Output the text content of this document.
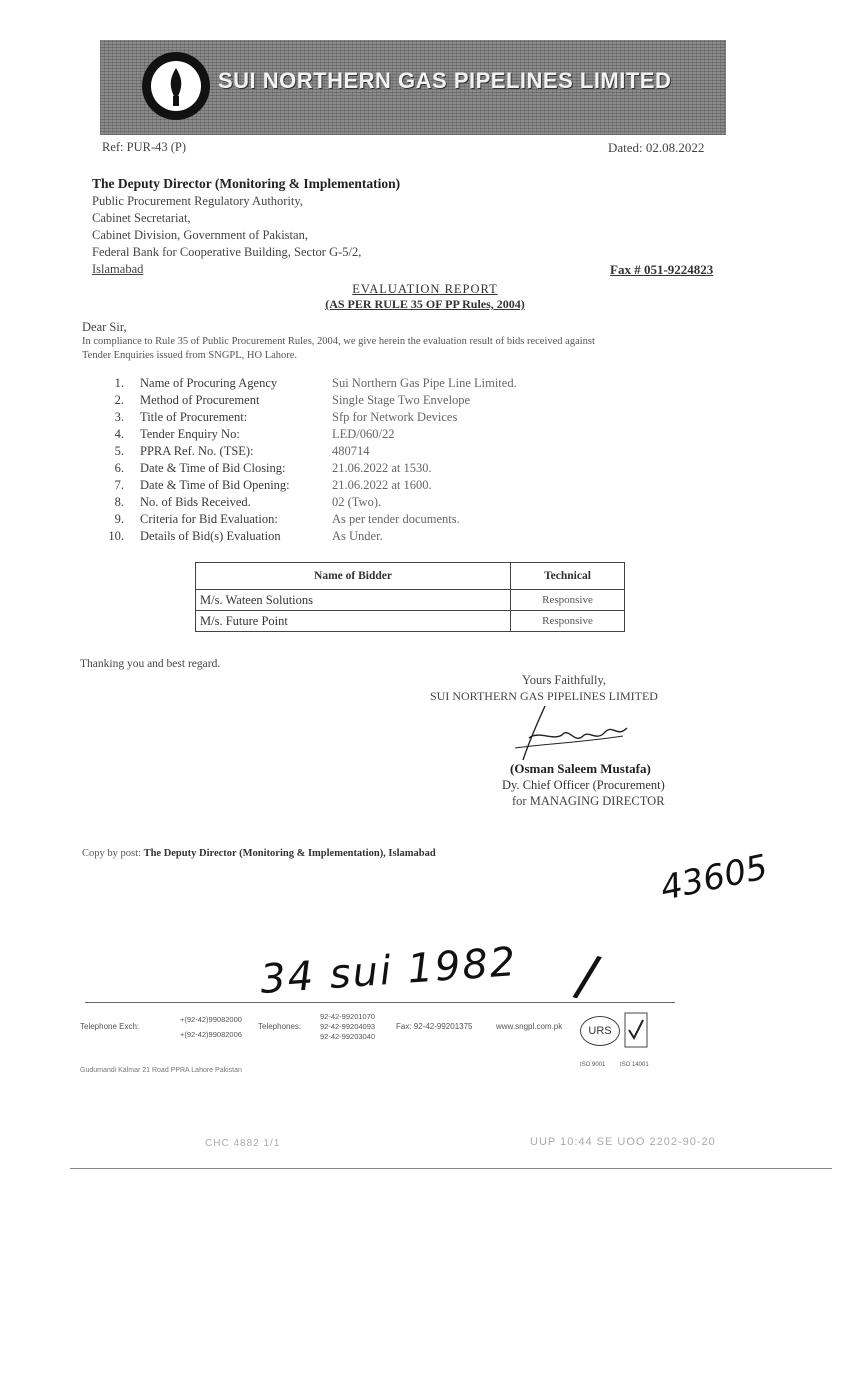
SUI NORTHERN GAS PIPELINES LIMITED
Ref: PUR-43 (P)	Dated: 02.08.2022
The Deputy Director (Monitoring & Implementation)
Public Procurement Regulatory Authority,
Cabinet Secretariat,
Cabinet Division, Government of Pakistan,
Federal Bank for Cooperative Building, Sector G-5/2,
Islamabad	Fax # 051-9224823
EVALUATION REPORT
(AS PER RULE 35 OF PP Rules, 2004)
Dear Sir,
In compliance to Rule 35 of Public Procurement Rules, 2004, we give herein the evaluation result of bids received against
Tender Enquiries issued from SNGPL, HO Lahore.
1. Name of Procuring Agency	Sui Northern Gas Pipe Line Limited.
2. Method of Procurement	Single Stage Two Envelope
3. Title of Procurement:	Sfp for Network Devices
4. Tender Enquiry No:	LED/060/22
5. PPRA Ref. No. (TSE):	480714
6. Date & Time of Bid Closing:	21.06.2022 at 1530.
7. Date & Time of Bid Opening:	21.06.2022 at 1600.
8. No. of Bids Received.	02 (Two).
9. Criteria for Bid Evaluation:	As per tender documents.
10. Details of Bid(s) Evaluation	As Under.
Name of Bidder	Technical
M/s. Wateen Solutions	Responsive
M/s. Future Point	Responsive
Thanking you and best regard.
Yours Faithfully,
SUI NORTHERN GAS PIPELINES LIMITED
(Osman Saleem Mustafa)
Dy. Chief Officer (Procurement)
for MANAGING DIRECTOR
Copy by post: The Deputy Director (Monitoring & Implementation), Islamabad	43605
34 sui 1982 /
Telephone Exch:
+(92-42)99082000
+(92-42)99082006
Telephones:
92-42-99201070
92-42-99204093
92-42-99203040
Fax: 92-42-99201375	www.sngpl.com.pk	URS
ISO 9001 ISO 14001
Gudumandi Kalmar 21 Road PPRA Lahore Pakistan
CHC 4882 1/1	UUP 10:44 SE UOO 2202-90-20
